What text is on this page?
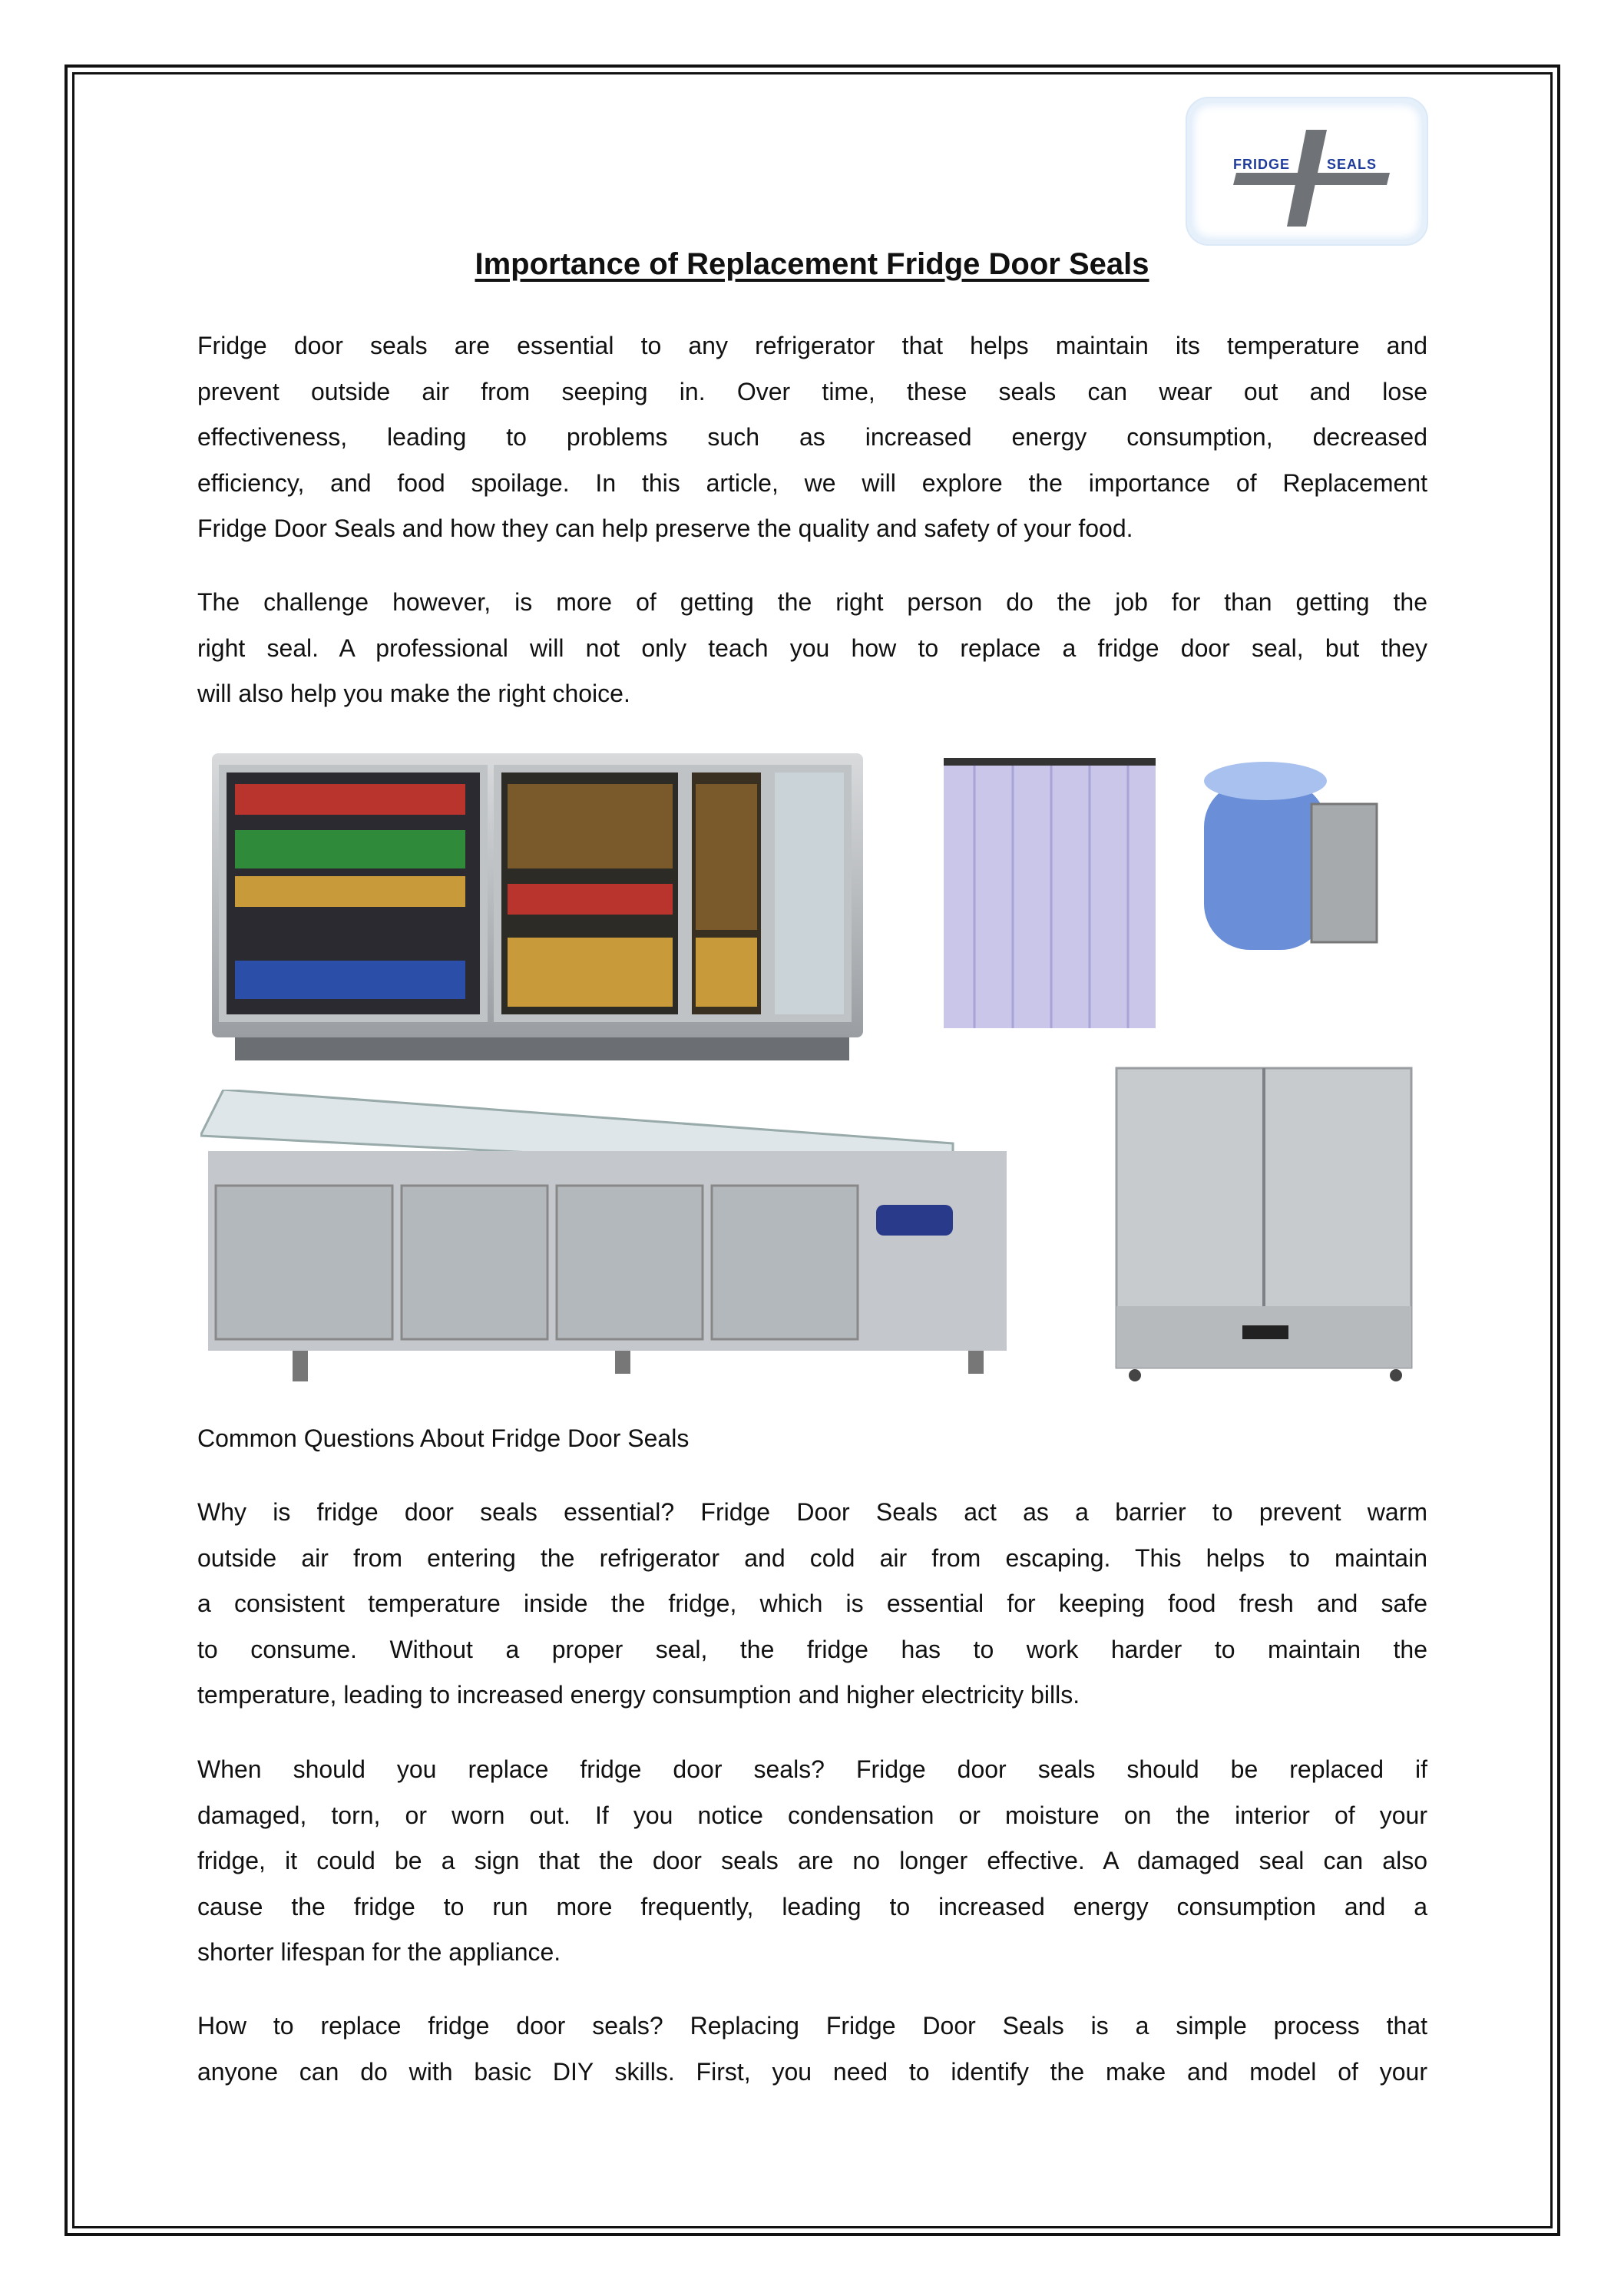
FRIDGE	SEALS
Importance of Replacement Fridge Door Seals
Fridge door seals are essential to any refrigerator that helps maintain its temperature and
prevent outside air from seeping in. Over time, these seals can wear out and lose
effectiveness, leading to problems such as increased energy consumption, decreased
efficiency, and food spoilage. In this article, we will explore the importance of Replacement
Fridge Door Seals and how they can help preserve the quality and safety of your food.
The challenge however, is more of getting the right person do the job for than getting the
right seal. A professional will not only teach you how to replace a fridge door seal, but they
will also help you make the right choice.
Common Questions About Fridge Door Seals
Why is fridge door seals essential? Fridge Door Seals act as a barrier to prevent warm
outside air from entering the refrigerator and cold air from escaping. This helps to maintain
a consistent temperature inside the fridge, which is essential for keeping food fresh and safe
to consume. Without a proper seal, the fridge has to work harder to maintain the
temperature, leading to increased energy consumption and higher electricity bills.
When should you replace fridge door seals? Fridge door seals should be replaced if
damaged, torn, or worn out. If you notice condensation or moisture on the interior of your
fridge, it could be a sign that the door seals are no longer effective. A damaged seal can also
cause the fridge to run more frequently, leading to increased energy consumption and a
shorter lifespan for the appliance.
How to replace fridge door seals? Replacing Fridge Door Seals is a simple process that
anyone can do with basic DIY skills. First, you need to identify the make and model of your
